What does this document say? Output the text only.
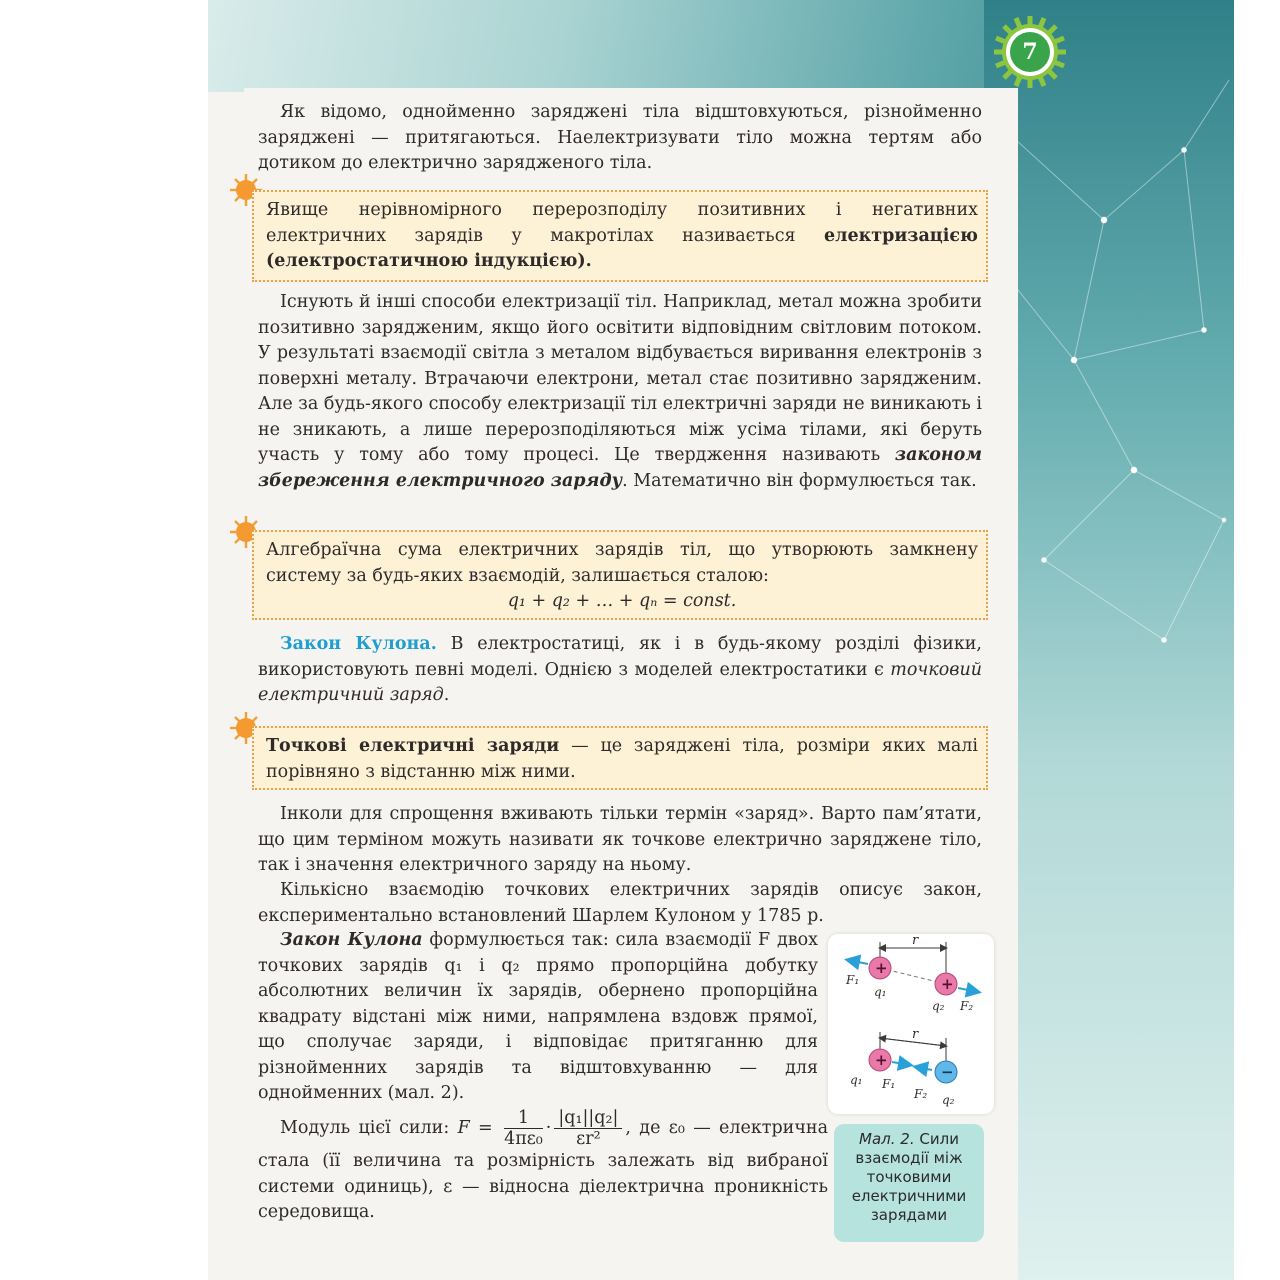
7
Як відомо, однойменно заряджені тіла відштовхуються, різнойменно заряджені — притягаються. Наелектризувати тіло можна тертям або дотиком до електрично зарядженого тіла.
Явище нерівномірного перерозподілу позитивних і негативних електричних зарядів у макротілах називається електризацією (електростатичною індукцією).
Існують й інші способи електризації тіл. Наприклад, метал можна зробити позитивно зарядженим, якщо його освітити відповідним світловим потоком. У результаті взаємодії світла з металом відбувається виривання електронів з поверхні металу. Втрачаючи електрони, метал стає позитивно зарядженим. Але за будь-якого способу електризації тіл електричні заряди не виникають і не зникають, а лише перерозподіляються між усіма тілами, які беруть участь у тому або тому процесі. Це твердження називають законом збереження електричного заряду. Математично він формулюється так.
Алгебраїчна сума електричних зарядів тіл, що утворюють замкнену систему за будь-яких взаємодій, залишається сталою:
q₁ + q₂ + … + qₙ = const.
Закон Кулона. В електростатиці, як і в будь-якому розділі фізики, використовують певні моделі. Однією з моделей електростатики є точковий електричний заряд.
Точкові електричні заряди — це заряджені тіла, розміри яких малі порівняно з відстанню між ними.
Інколи для спрощення вживають тільки термін «заряд». Варто пам’ятати, що цим терміном можуть називати як точкове електрично заряджене тіло, так і значення електричного заряду на ньому.
Кількісно взаємодію точкових електричних зарядів описує закон, експериментально встановлений Шарлем Кулоном у 1785 р.
Закон Кулона формулюється так: сила взаємодії F двох точкових зарядів q₁ і q₂ прямо пропорційна добутку абсолютних величин їх зарядів, обернено пропорційна квадрату відстані між ними, напрямлена вздовж прямої, що сполучає заряди, і відповідає притяганню для різнойменних зарядів та відштовхуванню — для однойменних (мал. 2).
Модуль цієї сили: $F = \frac{1}{\text{4πε₀}} \cdot \frac{\text{|q₁||q₂|}}{\text{εr²}}$ , де ε₀ — електрична стала (її величина та розмірність залежать від вибраної системи одиниць), ε — відносна діелектрична проникність середовища.
r
+
+
F₁
q₁
q₂ F₂
r
+
−
q₁ F₁
F₂ q₂
Мал. 2. Сили взаємодії між точковими електричними зарядами
